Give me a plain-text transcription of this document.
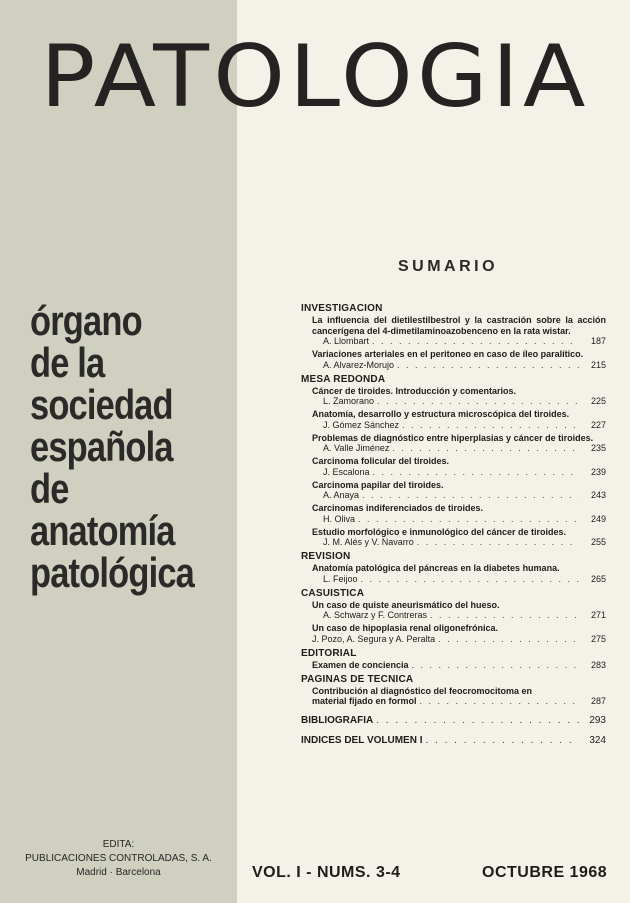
PATOLOGIA
órgano
de la
sociedad
española
de
anatomía
patológica
EDITA:
PUBLICACIONES CONTROLADAS, S. A.
Madrid · Barcelona
SUMARIO
INVESTIGACION
La influencia del dietilestilbestrol y la castración sobre la acción cancerígena del 4-dimetilaminoazobenceno en la rata wistar.
A. Llombart . . .	187
Variaciones arteriales en el peritoneo en caso de íleo paralítico.
A. Alvarez-Morujo . . .	215
MESA REDONDA
Cáncer de tiroides. Introducción y comentarios.
L. Zamorano . . .	225
Anatomía, desarrollo y estructura microscópica del tiroides.
J. Gómez Sánchez . . .	227
Problemas de diagnóstico entre hiperplasias y cáncer de tiroides.
A. Valle Jiménez . . .	235
Carcinoma folicular del tiroides.
J. Escalona . . .	239
Carcinoma papilar del tiroides.
A. Anaya . . .	243
Carcinomas indiferenciados de tiroides.
H. Oliva . . .	249
Estudio morfológico e inmunológico del cáncer de tiroides.
J. M. Alés y V. Navarro . . .	255
REVISION
Anatomía patológica del páncreas en la diabetes humana.
L. Feijoo . . .	265
CASUISTICA
Un caso de quiste aneurismático del hueso.
A. Schwarz y F. Contreras . . .	271
Un caso de hipoplasia renal oligonefrónica.
J. Pozo, A. Segura y A. Peralta . . .	275
EDITORIAL
Examen de conciencia . . .	283
PAGINAS DE TECNICA
Contribución al diagnóstico del feocromocitoma en
material fijado en formol . . .	287
BIBLIOGRAFIA . . .	293
INDICES DEL VOLUMEN I . . .	324
VOL. I - NUMS. 3-4	OCTUBRE 1968
